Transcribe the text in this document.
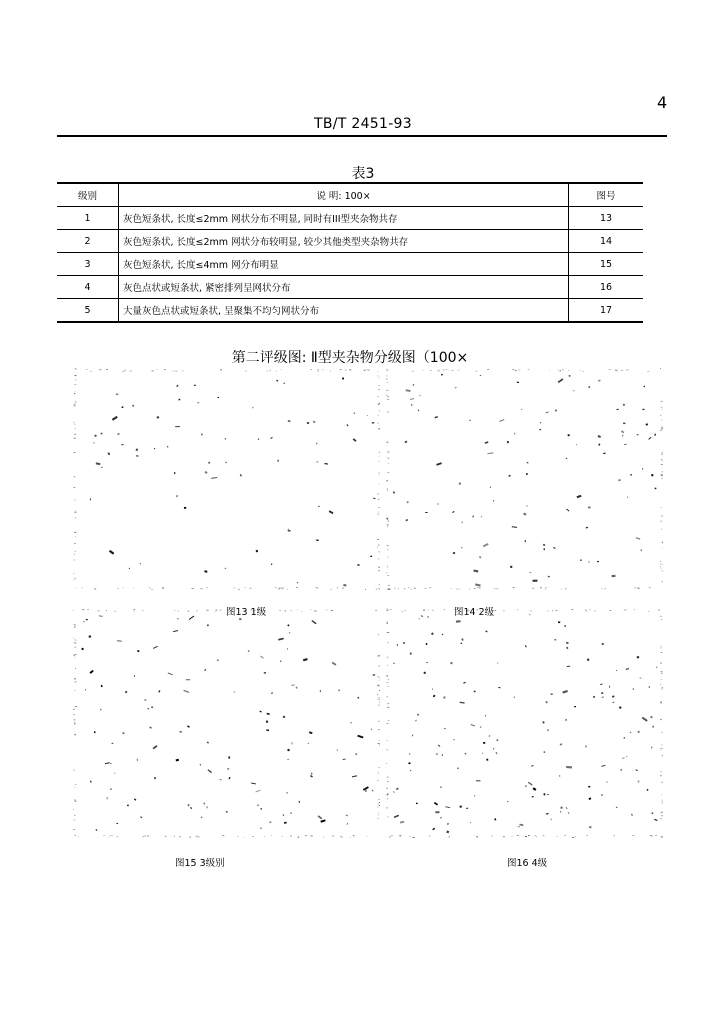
4
TB/T 2451-93
表3
级别	说 明: 100×	图号
1	灰色短条状, 长度≤2mm 网状分布不明显, 同时有III型夹杂物共存	13
2	灰色短条状, 长度≤2mm 网状分布较明显, 较少其他类型夹杂物共存	14
3	灰色短条状, 长度≤4mm 网分布明显	15
4	灰色点状或短条状, 紧密排列呈网状分布	16
5	大量灰色点状或短条状, 呈聚集不均匀网状分布	17
第二评级图: Ⅱ型夹杂物分级图（100×
图13 1级	图14 2级
图15 3级别	图16 4级
